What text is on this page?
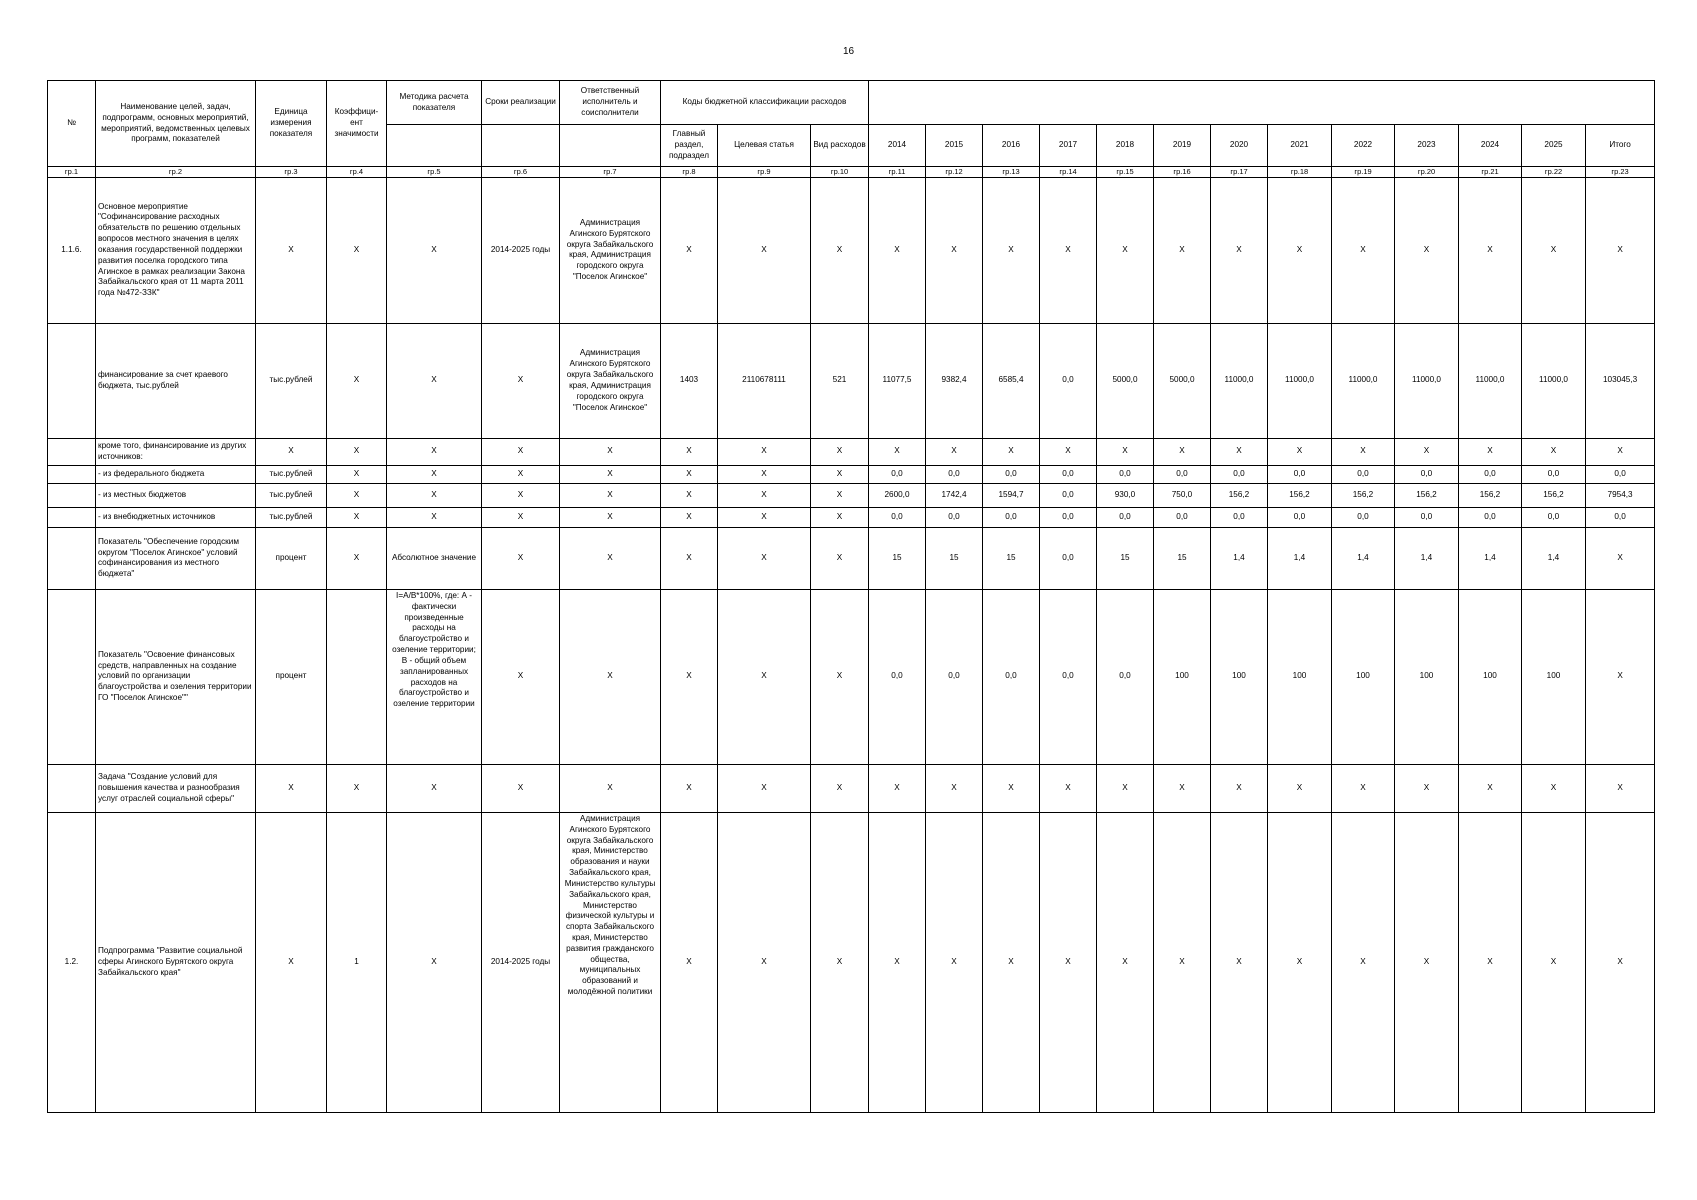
16
№	Наименование целей, задач, подпрограмм, основных мероприятий, мероприятий, ведомственных целевых программ, показателей	Единица измерения показателя	Коэффици-ент значимости	Методика расчета показателя	Сроки реализации	Ответственный исполнитель и соисполнители	Коды бюджетной классификации расходов															
							Главный раздел, подраздел	Целевая статья	Вид расходов	2014	2015	2016	2017	2018	2019	2020	2021	2022	2023	2024	2025	Итого
гр.1	гр.2	гр.3	гр.4	гр.5	гр.6	гр.7	гр.8	гр.9	гр.10	гр.11	гр.12	гр.13	гр.14	гр.15	гр.16	гр.17	гр.18	гр.19	гр.20	гр.21	гр.22	гр.23
1.1.6.	Основное мероприятие "Софинансирование расходных обязательств по решению отдельных вопросов местного значения в целях оказания государственной поддержки развития поселка городского типа Агинское в рамках реализации Закона Забайкальского края от 11 марта 2011 года №472-ЗЗК"	Х	Х	Х	2014-2025 годы	Администрация Агинского Бурятского округа Забайкальского края, Администрация городского округа "Поселок Агинское"	Х	Х	Х	Х	Х	Х	Х	Х	Х	Х	Х	Х	Х	Х	Х	Х
	финансирование за счет краевого бюджета, тыс.рублей	тыс.рублей	Х	Х	Х	Администрация Агинского Бурятского округа Забайкальского края, Администрация городского округа "Поселок Агинское"	1403	2110678111	521	11077,5	9382,4	6585,4	0,0	5000,0	5000,0	11000,0	11000,0	11000,0	11000,0	11000,0	11000,0	103045,3
	кроме того, финансирование из других источников:	Х	Х	Х	Х	Х	Х	Х	Х	Х	Х	Х	Х	Х	Х	Х	Х	Х	Х	Х	Х	Х
	- из федерального бюджета	тыс.рублей	Х	Х	Х	Х	Х	Х	Х	0,0	0,0	0,0	0,0	0,0	0,0	0,0	0,0	0,0	0,0	0,0	0,0	0,0
	- из местных бюджетов	тыс.рублей	Х	Х	Х	Х	Х	Х	Х	2600,0	1742,4	1594,7	0,0	930,0	750,0	156,2	156,2	156,2	156,2	156,2	156,2	7954,3
	- из внебюджетных источников	тыс.рублей	Х	Х	Х	Х	Х	Х	Х	0,0	0,0	0,0	0,0	0,0	0,0	0,0	0,0	0,0	0,0	0,0	0,0	0,0
	Показатель "Обеспечение городским округом "Поселок Агинское" условий софинансирования из местного бюджета"	процент	Х	Абсолютное значение	Х	Х	Х	Х	Х	15	15	15	0,0	15	15	1,4	1,4	1,4	1,4	1,4	1,4	Х
	Показатель "Освоение финансовых средств, направленных на создание условий по организации благоустройства и озеления территории ГО "Поселок Агинское""	процент		I=A/B*100%, где: А - фактически произведенные расходы на благоустройство и озеление территории; В - общий объем запланированных расходов на благоустройство и озеление территории	Х	Х	Х	Х	Х	0,0	0,0	0,0	0,0	0,0	100	100	100	100	100	100	100	Х
	Задача "Создание условий для повышения качества и разнообразия услуг отраслей социальной сферы"	Х	Х	Х	Х	Х	Х	Х	Х	Х	Х	Х	Х	Х	Х	Х	Х	Х	Х	Х	Х	Х
1.2.	Подпрограмма "Развитие социальной сферы Агинского Бурятского округа Забайкальского края"	Х	1	Х	2014-2025 годы	Администрация Агинского Бурятского округа Забайкальского края, Министерство образования и науки Забайкальского края, Министерство культуры Забайкальского края, Министерство физической культуры и спорта Забайкальского края, Министерство развития гражданского общества, муниципальных образований и молодёжной политики	Х	Х	Х	Х	Х	Х	Х	Х	Х	Х	Х	Х	Х	Х	Х	Х
